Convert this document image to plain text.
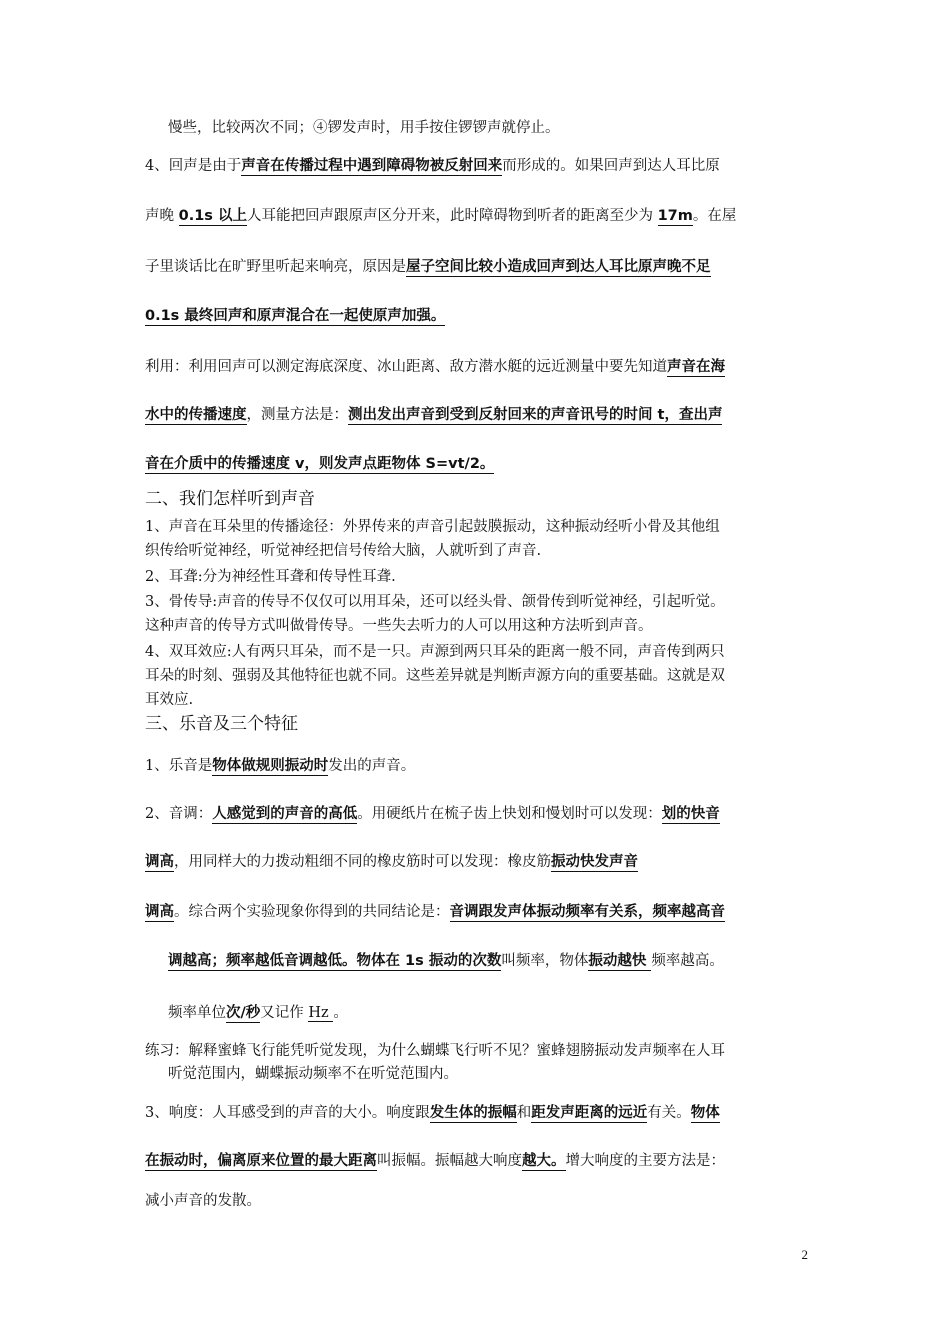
慢些，比较两次不同；④锣发声时，用手按住锣锣声就停止。
4、回声是由于声音在传播过程中遇到障碍物被反射回来而形成的。如果回声到达人耳比原
声晚 0.1s 以上人耳能把回声跟原声区分开来，此时障碍物到听者的距离至少为 17m。在屋
子里谈话比在旷野里听起来响亮，原因是屋子空间比较小造成回声到达人耳比原声晚不足
0.1s 最终回声和原声混合在一起使原声加强。
利用：利用回声可以测定海底深度、冰山距离、敌方潜水艇的远近测量中要先知道声音在海
水中的传播速度，测量方法是：测出发出声音到受到反射回来的声音讯号的时间 t，查出声
音在介质中的传播速度 v，则发声点距物体 S=vt/2。
二、我们怎样听到声音
1、声音在耳朵里的传播途径：外界传来的声音引起鼓膜振动，这种振动经听小骨及其他组
织传给听觉神经，听觉神经把信号传给大脑，人就听到了声音.
2、耳聋:分为神经性耳聋和传导性耳聋.
3、骨传导:声音的传导不仅仅可以用耳朵，还可以经头骨、颌骨传到听觉神经，引起听觉。
这种声音的传导方式叫做骨传导。一些失去听力的人可以用这种方法听到声音。
4、双耳效应:人有两只耳朵，而不是一只。声源到两只耳朵的距离一般不同，声音传到两只
耳朵的时刻、强弱及其他特征也就不同。这些差异就是判断声源方向的重要基础。这就是双
耳效应.
三、乐音及三个特征
1、乐音是物体做规则振动时发出的声音。
2、音调：人感觉到的声音的高低。用硬纸片在梳子齿上快划和慢划时可以发现：划的快音
调高，用同样大的力拨动粗细不同的橡皮筋时可以发现：橡皮筋振动快发声音
调高。综合两个实验现象你得到的共同结论是：音调跟发声体振动频率有关系，频率越高音
调越高；频率越低音调越低。物体在 1s 振动的次数叫频率，物体振动越快 频率越高。
频率单位次/秒又记作 Hz 。
练习：解释蜜蜂飞行能凭听觉发现，为什么蝴蝶飞行听不见？蜜蜂翅膀振动发声频率在人耳
听觉范围内，蝴蝶振动频率不在听觉范围内。
3、响度：人耳感受到的声音的大小。响度跟发生体的振幅和距发声距离的远近有关。物体
在振动时，偏离原来位置的最大距离叫振幅。振幅越大响度越大。增大响度的主要方法是：
减小声音的发散。
2
